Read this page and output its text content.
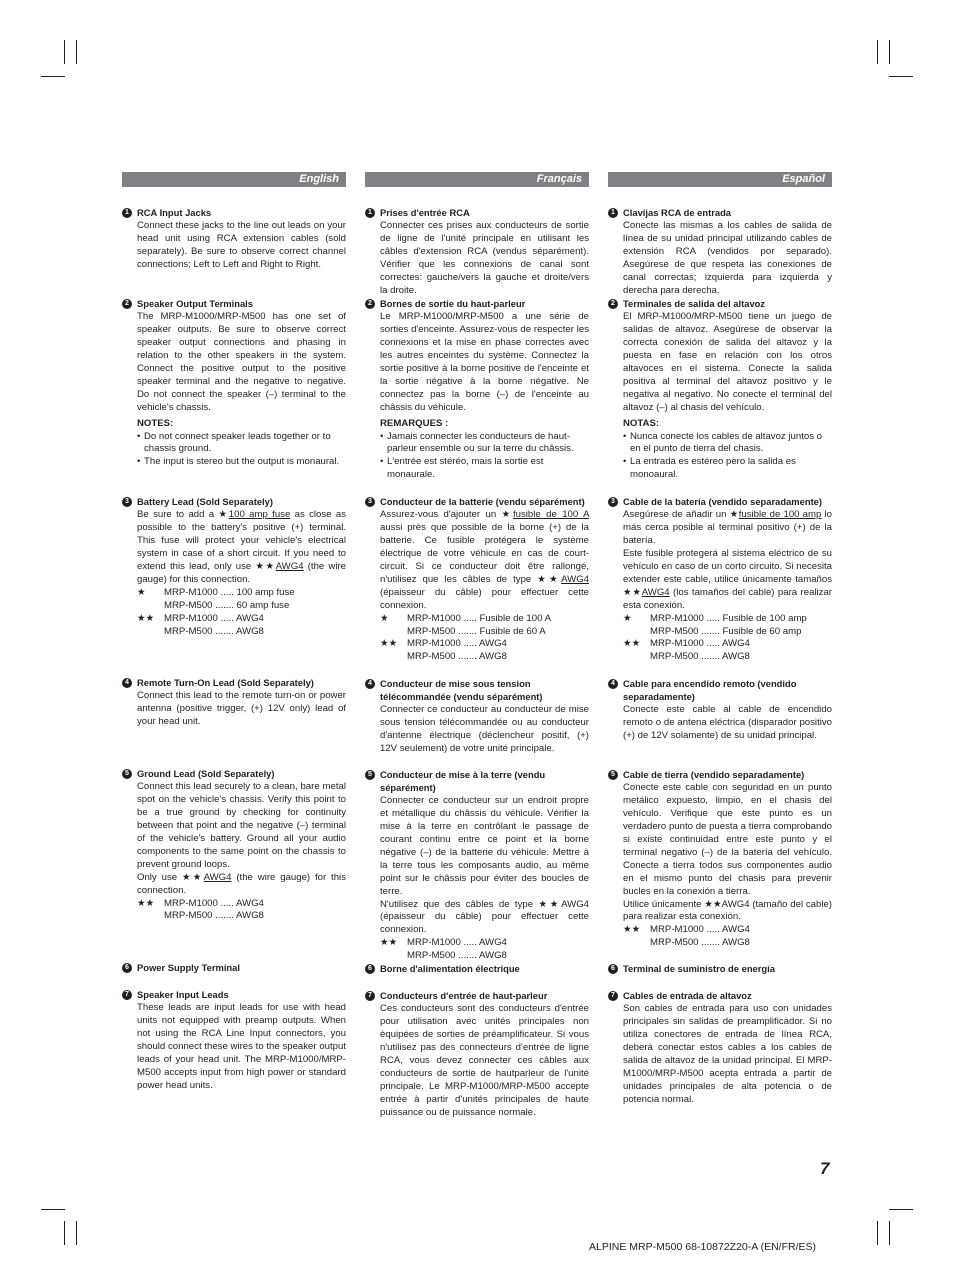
English
1 RCA Input Jacks
Connect these jacks to the line out leads on your head unit using RCA extension cables (sold separately). Be sure to observe correct channel connections; Left to Left and Right to Right.
2 Speaker Output Terminals
The MRP-M1000/MRP-M500 has one set of speaker outputs. Be sure to observe correct speaker output connections and phasing in relation to the other speakers in the system. Connect the positive output to the positive speaker terminal and the negative to negative. Do not connect the speaker (–) terminal to the vehicle's chassis.
NOTES:
• Do not connect speaker leads together or to chassis ground.
• The input is stereo but the output is monaural.
3 Battery Lead (Sold Separately)
Be sure to add a ★100 amp fuse as close as possible to the battery's positive (+) terminal. This fuse will protect your vehicle's electrical system in case of a short circuit. If you need to extend this lead, only use ★★AWG4 (the wire gauge) for this connection.
★	MRP-M1000 ..... 100 amp fuse
MRP-M500 ....... 60 amp fuse
★★	MRP-M1000 ..... AWG4
MRP-M500 ....... AWG8
4 Remote Turn-On Lead (Sold Separately)
Connect this lead to the remote turn-on or power antenna (positive trigger, (+) 12V only) lead of your head unit.
5 Ground Lead (Sold Separately)
Connect this lead securely to a clean, bare metal spot on the vehicle's chassis. Verify this point to be a true ground by checking for continuity between that point and the negative (–) terminal of the vehicle's battery. Ground all your audio components to the same point on the chassis to prevent ground loops.
Only use ★★AWG4 (the wire gauge) for this connection.
★★	MRP-M1000 ..... AWG4
MRP-M500 ....... AWG8
6 Power Supply Terminal
7 Speaker Input Leads
These leads are input leads for use with head units not equipped with preamp outputs. When not using the RCA Line Input connectors, you should connect these wires to the speaker output leads of your head unit. The MRP-M1000/MRP-M500 accepts input from high power or standard power head units.
Français
1 Prises d'entrée RCA
Connecter ces prises aux conducteurs de sortie de ligne de l'unité principale en utilisant les câbles d'extension RCA (vendus séparément). Vérifier que les connexions de canal sont correctes: gauche/vers la gauche et droite/vers la droite.
2 Bornes de sortie du haut-parleur
Le MRP-M1000/MRP-M500 a une série de sorties d'enceinte. Assurez-vous de respecter les connexions et la mise en phase correctes avec les autres enceintes du système. Connectez la sortie positive à la borne positive de l'enceinte et la sortie négative à la borne négative. Ne connectez pas la borne (–) de l'enceinte au châssis du véhicule.
REMARQUES :
• Jamais connecter les conducteurs de haut-parleur ensemble ou sur la terre du châssis.
• L'entrée est stéréo, mais la sortie est monaurale.
3 Conducteur de la batterie (vendu séparément)
Assurez-vous d'ajouter un ★fusible de 100 A aussi près que possible de la borne (+) de la batterie. Ce fusible protégera le système électrique de votre véhicule en cas de court-circuit. Si ce conducteur doit être rallongé, n'utilisez que les câbles de type ★★AWG4 (épaisseur du câble) pour effectuer cette connexion.
★	MRP-M1000 ..... Fusible de 100 A
MRP-M500 ....... Fusible de 60 A
★★	MRP-M1000 ..... AWG4
MRP-M500 ....... AWG8
4 Conducteur de mise sous tension télécommandée (vendu séparément)
Connecter ce conducteur au conducteur de mise sous tension télécommandée ou au conducteur d'antenne électrique (déclencheur positif, (+) 12V seulement) de votre unité principale.
5 Conducteur de mise à la terre (vendu séparément)
Connecter ce conducteur sur un endroit propre et métallique du châssis du véhicule. Vérifier la mise à la terre en contrôlant le passage de courant continu entre ce point et la borne négative (–) de la batterie du véhicule. Mettre à la terre tous les composants audio, au même point sur le châssis pour éviter des boucles de terre.
N'utilisez que des câbles de type ★★AWG4 (épaisseur du câble) pour effectuer cette connexion.
★★	MRP-M1000 ..... AWG4
MRP-M500 ....... AWG8
6 Borne d'alimentation électrique
7 Conducteurs d'entrée de haut-parleur
Ces conducteurs sont des conducteurs d'entrée pour utilisation avec unités principales non équipées de sorties de préamplificateur. Si vous n'utilisez pas des connecteurs d'entrée de ligne RCA, vous devez connecter ces câbles aux conducteurs de sortie de hautparleur de l'unité principale. Le MRP-M1000/MRP-M500 accepte entrée à partir d'unités principales de haute puissance ou de puissance normale.
Español
1 Clavijas RCA de entrada
Conecte las mismas a los cables de salida de línea de su unidad principal utilizando cables de extensión RCA (vendidos por separado). Asegúrese de que respeta las conexiones de canal correctas; izquierda para izquierda y derecha para derecha.
2 Terminales de salida del altavoz
El MRP-M1000/MRP-M500 tiene un juego de salidas de altavoz. Asegúrese de observar la correcta conexión de salida del altavoz y la puesta en fase en relación con los otros altavoces en el sistema. Conecte la salida positiva al terminal del altavoz positivo y le negativa al negativo. No conecte el terminal del altavoz (–) al chasis del vehículo.
NOTAS:
• Nunca conecte los cables de altavoz juntos o en el punto de tierra del chasis.
• La entrada es estéreo pero la salida es monoaural.
3 Cable de la batería (vendido separadamente)
Asegúrese de añadir un ★fusible de 100 amp lo más cerca posible al terminal positivo (+) de la batería.
Este fusible protegerá al sistema eléctrico de su vehículo en caso de un corto circuito. Si necesita extender este cable, utilice únicamente tamaños ★★AWG4 (los tamaños del cable) para realizar esta conexión.
★	MRP-M1000 ..... Fusible de 100 amp
MRP-M500 ....... Fusible de 60 amp
★★	MRP-M1000 ..... AWG4
MRP-M500 ....... AWG8
4 Cable para encendido remoto (vendido separadamente)
Conecte este cable al cable de encendido remoto o de antena eléctrica (disparador positivo (+) de 12V solamente) de su unidad principal.
5 Cable de tierra (vendido separadamente)
Conecte este cable con seguridad en un punto metálico expuesto, limpio, en el chasis del vehículo. Verifique que este punto es un verdadero punto de puesta a tierra comprobando si existe continuidad entre este punto y el terminal negativo (–) de la batería del vehículo. Conecte a tierra todos sus componentes audio en el mismo punto del chasis para prevenir bucles en la conexión a tierra.
Utilice únicamente ★★AWG4 (tamaño del cable) para realizar esta conexión.
★★	MRP-M1000 ..... AWG4
MRP-M500 ....... AWG8
6 Terminal de suministro de energía
7 Cables de entrada de altavoz
Son cables de entrada para uso con unidades principales sin salidas de preamplificador. Si no utiliza conectores de entrada de línea RCA, deberá conectar estos cables a los cables de salida de altavoz de la unidad principal. El MRP-M1000/MRP-M500 acepta entrada a partir de unidades principales de alta potencia o de potencia normal.
7
ALPINE MRP-M500 68-10872Z20-A (EN/FR/ES)
